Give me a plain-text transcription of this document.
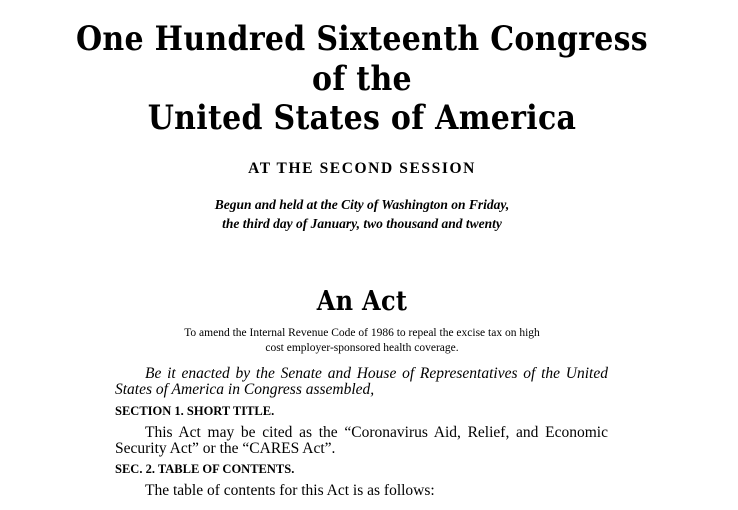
One Hundred Sixteenth Congress
of the
United States of America
AT THE SECOND SESSION
Begun and held at the City of Washington on Friday,
the third day of January, two thousand and twenty
An Act
To amend the Internal Revenue Code of 1986 to repeal the excise tax on high
cost employer-sponsored health coverage.

Be it enacted by the Senate and House of Representatives of the United States of America in Congress assembled,

SECTION 1. SHORT TITLE.

This Act may be cited as the “Coronavirus Aid, Relief, and Economic Security Act” or the “CARES Act”.

SEC. 2. TABLE OF CONTENTS.

The table of contents for this Act is as follows:
